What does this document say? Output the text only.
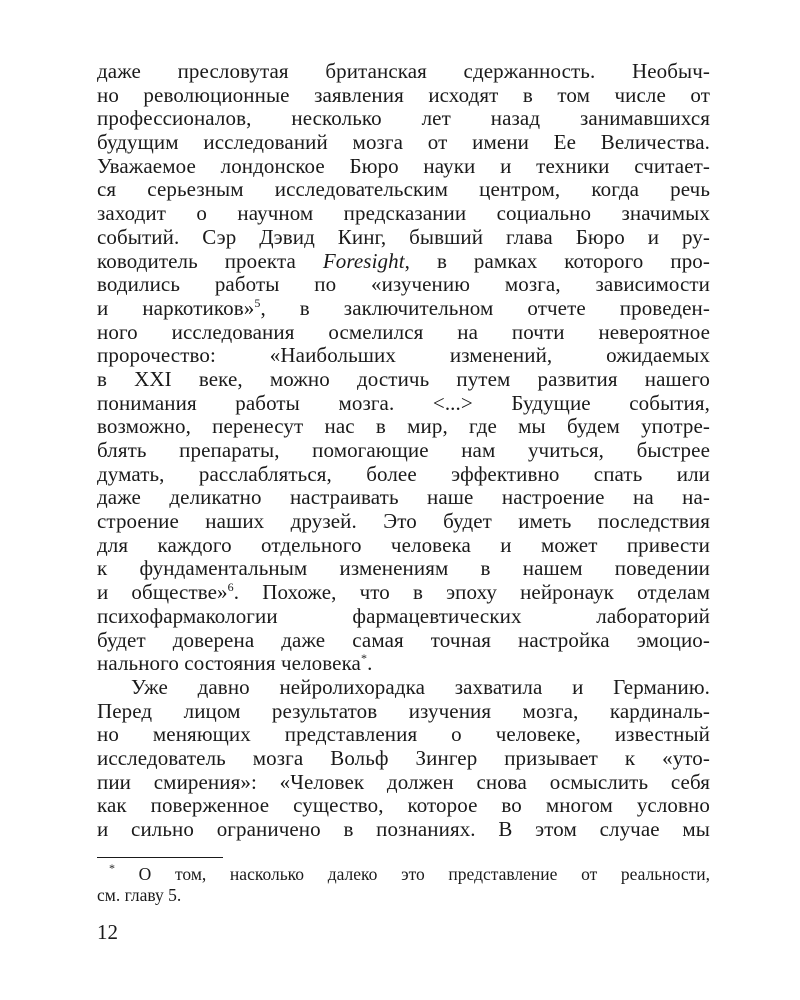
даже пресловутая британская сдержанность. Необыч-
но революционные заявления исходят в том числе от
профессионалов, несколько лет назад занимавшихся
будущим исследований мозга от имени Ее Величества.
Уважаемое лондонское Бюро науки и техники считает-
ся серьезным исследовательским центром, когда речь
заходит о научном предсказании социально значимых
событий. Сэр Дэвид Кинг, бывший глава Бюро и ру-
ководитель проекта Foresight, в рамках которого про-
водились работы по «изучению мозга, зависимости
и наркотиков»$^5$, в заключительном отчете проведен-
ного исследования осмелился на почти невероятное
пророчество: «Наибольших изменений, ожидаемых
в XXI веке, можно достичь путем развития нашего
понимания работы мозга. <...> Будущие события,
возможно, перенесут нас в мир, где мы будем употре-
блять препараты, помогающие нам учиться, быстрее
думать, расслабляться, более эффективно спать или
даже деликатно настраивать наше настроение на на-
строение наших друзей. Это будет иметь последствия
для каждого отдельного человека и может привести
к фундаментальным изменениям в нашем поведении
и обществе»$^6$. Похоже, что в эпоху нейронаук отделам
психофармакологии фармацевтических лабораторий
будет доверена даже самая точная настройка эмоцио-
нального состояния человека*.
Уже давно нейролихорадка захватила и Германию.
Перед лицом результатов изучения мозга, кардиналь-
но меняющих представления о человеке, известный
исследователь мозга Вольф Зингер призывает к «уто-
пии смирения»: «Человек должен снова осмыслить себя
как поверженное существо, которое во многом условно
и сильно ограничено в познаниях. В этом случае мы
* О том, насколько далеко это представление от реальности,
см. главу 5.
12
